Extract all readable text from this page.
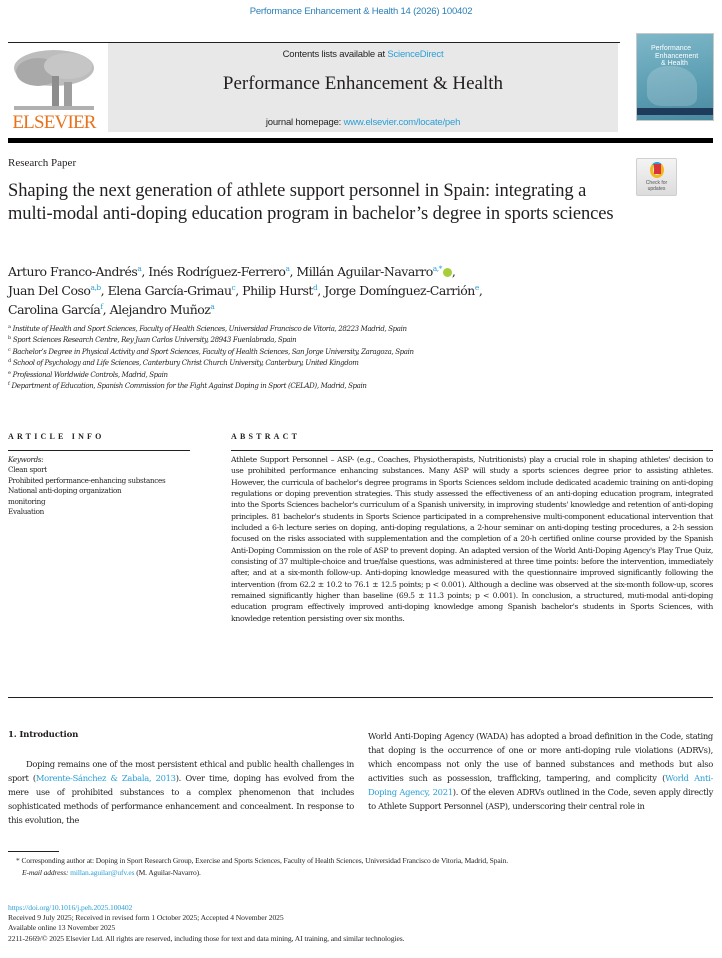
Performance Enhancement & Health 14 (2026) 100402
ELSEVIER
Contents lists available at ScienceDirect
Performance Enhancement & Health
journal homepage: www.elsevier.com/locate/peh
Performance
Enhancement
& Health
Research Paper
Shaping the next generation of athlete support personnel in Spain: integrating a multi-modal anti-doping education program in bachelor’s degree in sports sciences
Check for
updates
Arturo Franco-Andrés$^a$, Inés Rodríguez-Ferrero$^a$, Millán Aguilar-Navarro$^{a,*}$ ,
Juan Del Coso$^{a,b}$, Elena García-Grimau$^c$, Philip Hurst$^d$, Jorge Domínguez-Carrión$^e$,
Carolina García$^f$, Alejandro Muñoz$^a$
$^a$ Institute of Health and Sport Sciences, Faculty of Health Sciences, Universidad Francisco de Vitoria, 28223 Madrid, Spain
$^b$ Sport Sciences Research Centre, Rey Juan Carlos University, 28943 Fuenlabrada, Spain
$^c$ Bachelor’s Degree in Physical Activity and Sport Sciences, Faculty of Health Sciences, San Jorge University, Zaragoza, Spain
$^d$ School of Psychology and Life Sciences, Canterbury Christ Church University, Canterbury, United Kingdom
$^e$ Professional Worldwide Controls, Madrid, Spain
$^f$ Department of Education, Spanish Commission for the Fight Against Doping in Sport (CELAD), Madrid, Spain
ARTICLE INFO	ABSTRACT
Keywords:
Clean sport
Prohibited performance-enhancing substances
National anti-doping organization
monitoring
Evaluation
Athlete Support Personnel – ASP- (e.g., Coaches, Physiotherapists, Nutritionists) play a crucial role in shaping athletes' decision to use prohibited performance enhancing substances. Many ASP will study a sports sciences degree prior to assisting athletes. However, the curricula of bachelor's degree programs in Sports Sciences seldom include dedicated academic training on anti-doping regulations or doping prevention strategies. This study assessed the effectiveness of an anti-doping education program, integrated into the Sports Sciences bachelor's curriculum of a Spanish university, in improving students' knowledge and retention of anti-doping principles. 81 bachelor's students in Sports Science participated in a comprehensive multi-component educational intervention that included a 6-h lecture series on doping, anti-doping regulations, a 2-hour seminar on anti-doping testing procedures, a 2-h session focused on the risks associated with supplementation and the completion of a 20-h certified online course provided by the Spanish Anti-Doping Commission on the role of ASP to prevent doping. An adapted version of the World Anti-Doping Agency's Play True Quiz, consisting of 37 multiple-choice and true/false questions, was administered at three time points: before the intervention, immediately after, and at a six-month follow-up. Anti-doping knowledge measured with the questionnaire improved significantly following the intervention (from 62.2 ± 10.2 to 76.1 ± 12.5 points; p < 0.001). Although a decline was observed at the six-month follow-up, scores remained significantly higher than baseline (69.5 ± 11.3 points; p < 0.001). In conclusion, a structured, muti-modal anti-doping education program effectively improved anti-doping knowledge among Spanish bachelor's students in Sports Sciences, with knowledge retention persisting over six months.
1. Introduction
Doping remains one of the most persistent ethical and public health challenges in sport (Morente-Sánchez & Zabala, 2013). Over time, doping has evolved from the mere use of prohibited substances to a complex phenomenon that includes sophisticated methods of performance enhancement and concealment. In response to this evolution, the
World Anti-Doping Agency (WADA) has adopted a broad definition in the Code, stating that doping is the occurrence of one or more anti-doping rule violations (ADRVs), which encompass not only the use of banned substances and methods but also activities such as possession, trafficking, tampering, and complicity (World Anti-Doping Agency, 2021). Of the eleven ADRVs outlined in the Code, seven apply directly to Athlete Support Personnel (ASP), underscoring their central role in
* Corresponding author at: Doping in Sport Research Group, Exercise and Sports Sciences, Faculty of Health Sciences, Universidad Francisco de Vitoria, Madrid, Spain.
E-mail address: millan.aguilar@ufv.es (M. Aguilar-Navarro).
https://doi.org/10.1016/j.peh.2025.100402
Received 9 July 2025; Received in revised form 1 October 2025; Accepted 4 November 2025
Available online 13 November 2025
2211-2669/© 2025 Elsevier Ltd. All rights are reserved, including those for text and data mining, AI training, and similar technologies.
